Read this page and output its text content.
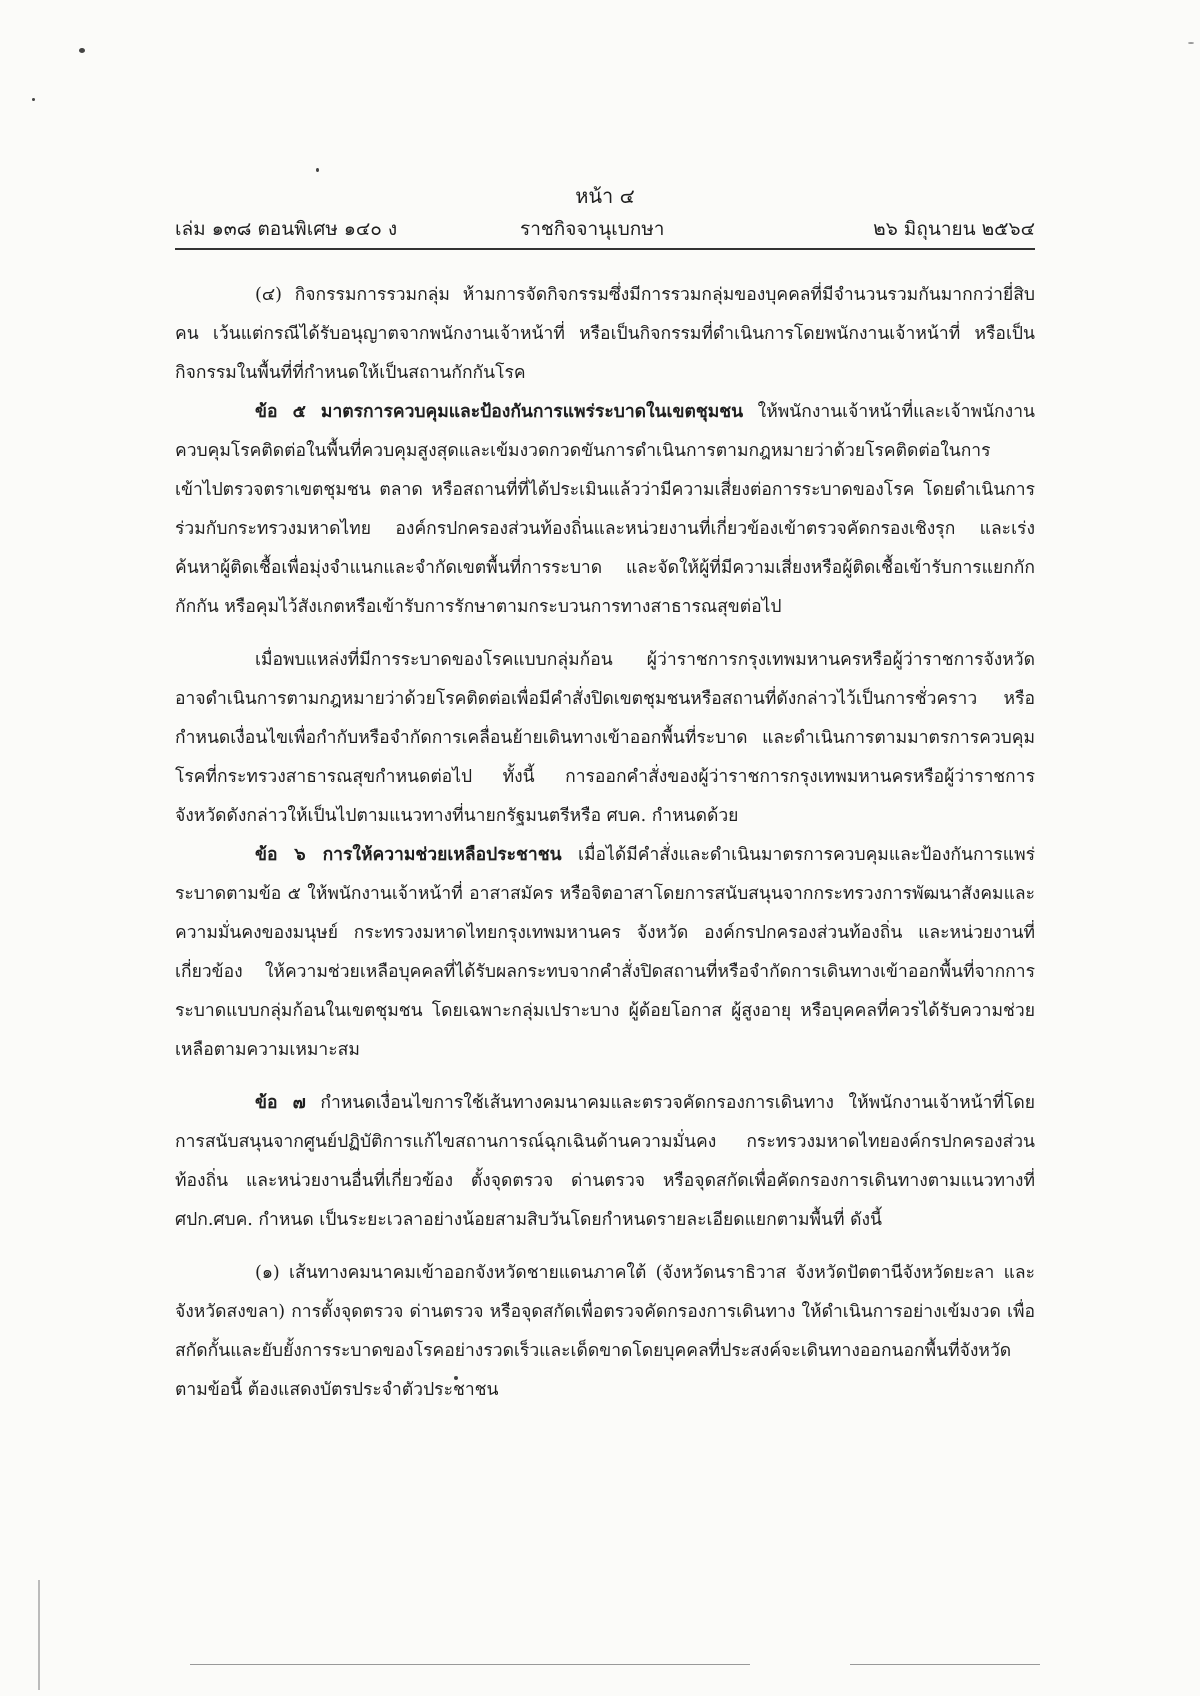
หน้า ๔
เล่ม ๑๓๘ ตอนพิเศษ ๑๔๐ ง	ราชกิจจานุเบกษา	๒๖ มิถุนายน ๒๕๖๔

(๔) กิจกรรมการรวมกลุ่ม ห้ามการจัดกิจกรรมซึ่งมีการรวมกลุ่มของบุคคลที่มีจำนวนรวมกันมากกว่ายี่สิบคน เว้นแต่กรณีได้รับอนุญาตจากพนักงานเจ้าหน้าที่ หรือเป็นกิจกรรมที่ดำเนินการโดยพนักงานเจ้าหน้าที่ หรือเป็นกิจกรรมในพื้นที่ที่กำหนดให้เป็นสถานกักกันโรค

ข้อ ๕ มาตรการควบคุมและป้องกันการแพร่ระบาดในเขตชุมชน ให้พนักงานเจ้าหน้าที่และเจ้าพนักงานควบคุมโรคติดต่อในพื้นที่ควบคุมสูงสุดและเข้มงวดกวดขันการดำเนินการตามกฎหมายว่าด้วยโรคติดต่อในการเข้าไปตรวจตราเขตชุมชน ตลาด หรือสถานที่ที่ได้ประเมินแล้วว่ามีความเสี่ยงต่อการระบาดของโรค โดยดำเนินการร่วมกับกระทรวงมหาดไทย องค์กรปกครองส่วนท้องถิ่นและหน่วยงานที่เกี่ยวข้องเข้าตรวจคัดกรองเชิงรุก และเร่งค้นหาผู้ติดเชื้อเพื่อมุ่งจำแนกและจำกัดเขตพื้นที่การระบาด และจัดให้ผู้ที่มีความเสี่ยงหรือผู้ติดเชื้อเข้ารับการแยกกัก กักกัน หรือคุมไว้สังเกตหรือเข้ารับการรักษาตามกระบวนการทางสาธารณสุขต่อไป

เมื่อพบแหล่งที่มีการระบาดของโรคแบบกลุ่มก้อน ผู้ว่าราชการกรุงเทพมหานครหรือผู้ว่าราชการจังหวัดอาจดำเนินการตามกฎหมายว่าด้วยโรคติดต่อเพื่อมีคำสั่งปิดเขตชุมชนหรือสถานที่ดังกล่าวไว้เป็นการชั่วคราว หรือกำหนดเงื่อนไขเพื่อกำกับหรือจำกัดการเคลื่อนย้ายเดินทางเข้าออกพื้นที่ระบาด และดำเนินการตามมาตรการควบคุมโรคที่กระทรวงสาธารณสุขกำหนดต่อไป ทั้งนี้ การออกคำสั่งของผู้ว่าราชการกรุงเทพมหานครหรือผู้ว่าราชการจังหวัดดังกล่าวให้เป็นไปตามแนวทางที่นายกรัฐมนตรีหรือ ศบค. กำหนดด้วย

ข้อ ๖ การให้ความช่วยเหลือประชาชน เมื่อได้มีคำสั่งและดำเนินมาตรการควบคุมและป้องกันการแพร่ระบาดตามข้อ ๕ ให้พนักงานเจ้าหน้าที่ อาสาสมัคร หรือจิตอาสาโดยการสนับสนุนจากกระทรวงการพัฒนาสังคมและความมั่นคงของมนุษย์ กระทรวงมหาดไทยกรุงเทพมหานคร จังหวัด องค์กรปกครองส่วนท้องถิ่น และหน่วยงานที่เกี่ยวข้อง ให้ความช่วยเหลือบุคคลที่ได้รับผลกระทบจากคำสั่งปิดสถานที่หรือจำกัดการเดินทางเข้าออกพื้นที่จากการระบาดแบบกลุ่มก้อนในเขตชุมชน โดยเฉพาะกลุ่มเปราะบาง ผู้ด้อยโอกาส ผู้สูงอายุ หรือบุคคลที่ควรได้รับความช่วยเหลือตามความเหมาะสม

ข้อ ๗ กำหนดเงื่อนไขการใช้เส้นทางคมนาคมและตรวจคัดกรองการเดินทาง ให้พนักงานเจ้าหน้าที่โดยการสนับสนุนจากศูนย์ปฏิบัติการแก้ไขสถานการณ์ฉุกเฉินด้านความมั่นคง กระทรวงมหาดไทยองค์กรปกครองส่วนท้องถิ่น และหน่วยงานอื่นที่เกี่ยวข้อง ตั้งจุดตรวจ ด่านตรวจ หรือจุดสกัดเพื่อคัดกรองการเดินทางตามแนวทางที่ ศปก.ศบค. กำหนด เป็นระยะเวลาอย่างน้อยสามสิบวันโดยกำหนดรายละเอียดแยกตามพื้นที่ ดังนี้

(๑) เส้นทางคมนาคมเข้าออกจังหวัดชายแดนภาคใต้ (จังหวัดนราธิวาส จังหวัดปัตตานีจังหวัดยะลา และจังหวัดสงขลา) การตั้งจุดตรวจ ด่านตรวจ หรือจุดสกัดเพื่อตรวจคัดกรองการเดินทาง ให้ดำเนินการอย่างเข้มงวด เพื่อสกัดกั้นและยับยั้งการระบาดของโรคอย่างรวดเร็วและเด็ดขาดโดยบุคคลที่ประสงค์จะเดินทางออกนอกพื้นที่จังหวัดตามข้อนี้ ต้องแสดงบัตรประจำตัวประชาชน
